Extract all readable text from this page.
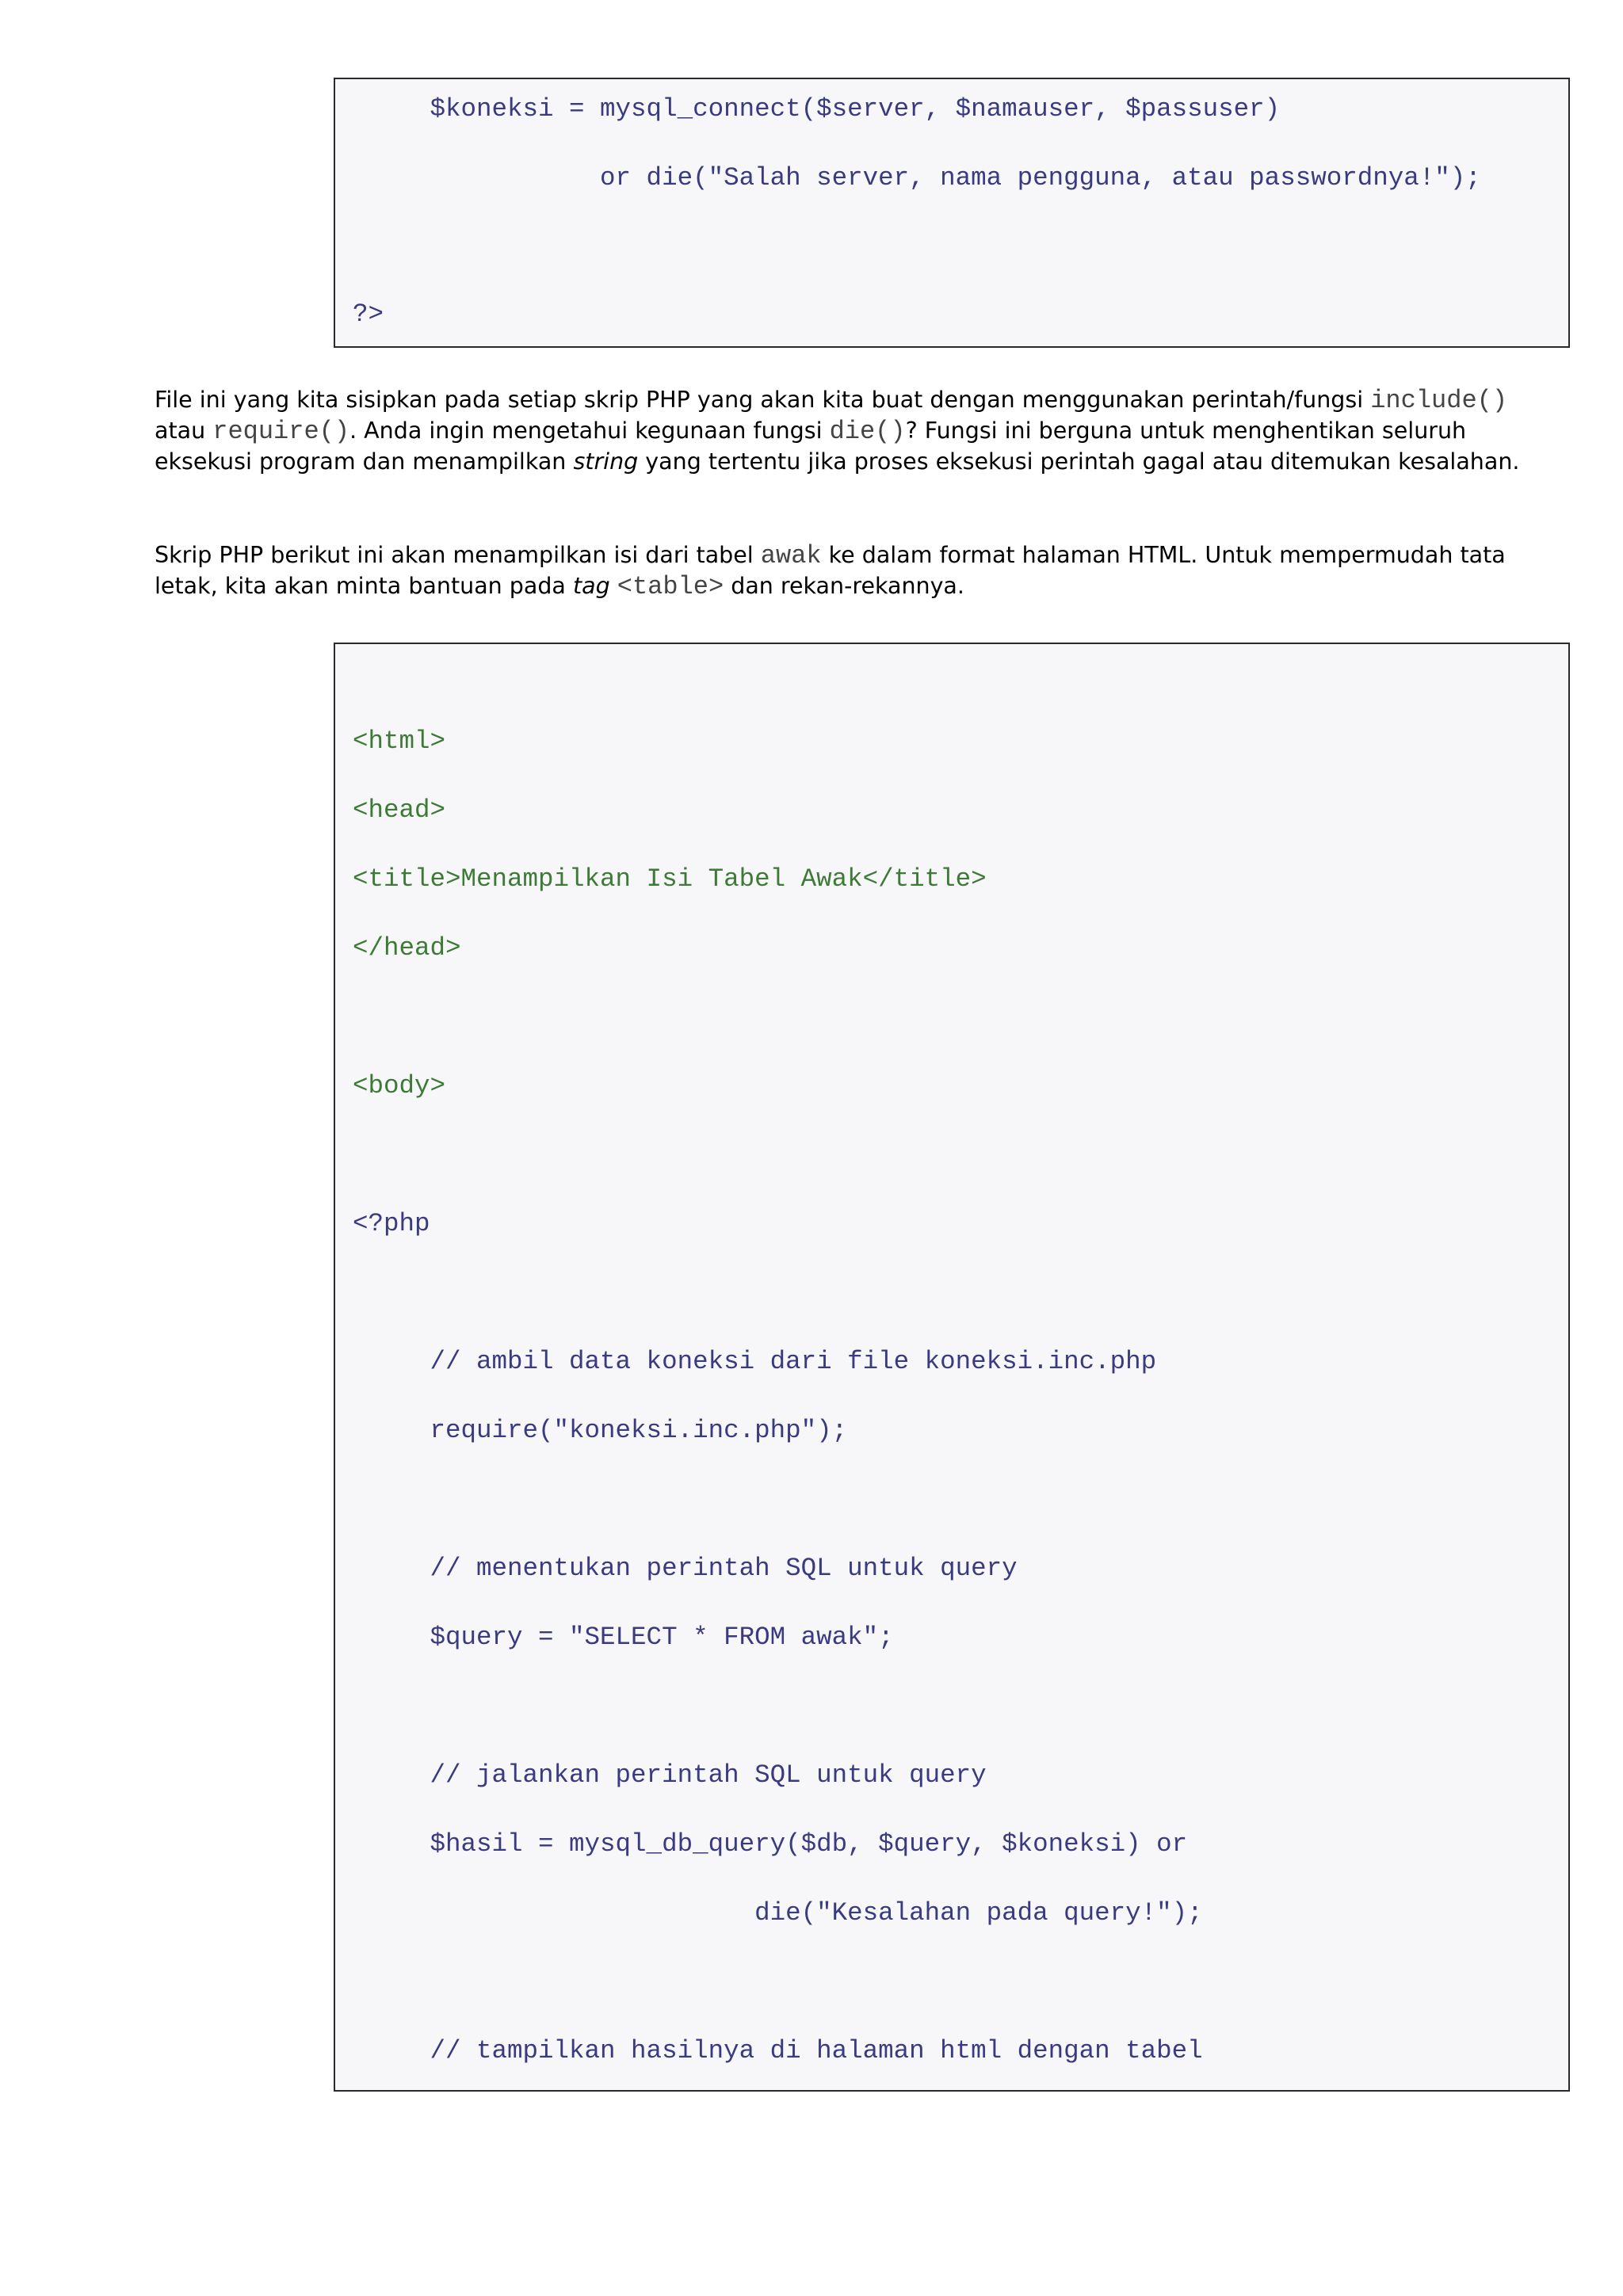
$koneksi = mysql_connect($server, $namauser, $passuser)
or die("Salah server, nama pengguna, atau passwordnya!");
?>

File ini yang kita sisipkan pada setiap skrip PHP yang akan kita buat dengan menggunakan perintah/fungsi include() atau require(). Anda ingin mengetahui kegunaan fungsi die()? Fungsi ini berguna untuk menghentikan seluruh eksekusi program dan menampilkan string yang tertentu jika proses eksekusi perintah gagal atau ditemukan kesalahan.

Skrip PHP berikut ini akan menampilkan isi dari tabel awak ke dalam format halaman HTML. Untuk mempermudah tata letak, kita akan minta bantuan pada tag <table> dan rekan-rekannya.

<html>
<head>
<title>Menampilkan Isi Tabel Awak</title>
</head>
<body>
<?php
// ambil data koneksi dari file koneksi.inc.php
require("koneksi.inc.php");
// menentukan perintah SQL untuk query
$query = "SELECT * FROM awak";
// jalankan perintah SQL untuk query
$hasil = mysql_db_query($db, $query, $koneksi) or
die("Kesalahan pada query!");
// tampilkan hasilnya di halaman html dengan tabel
